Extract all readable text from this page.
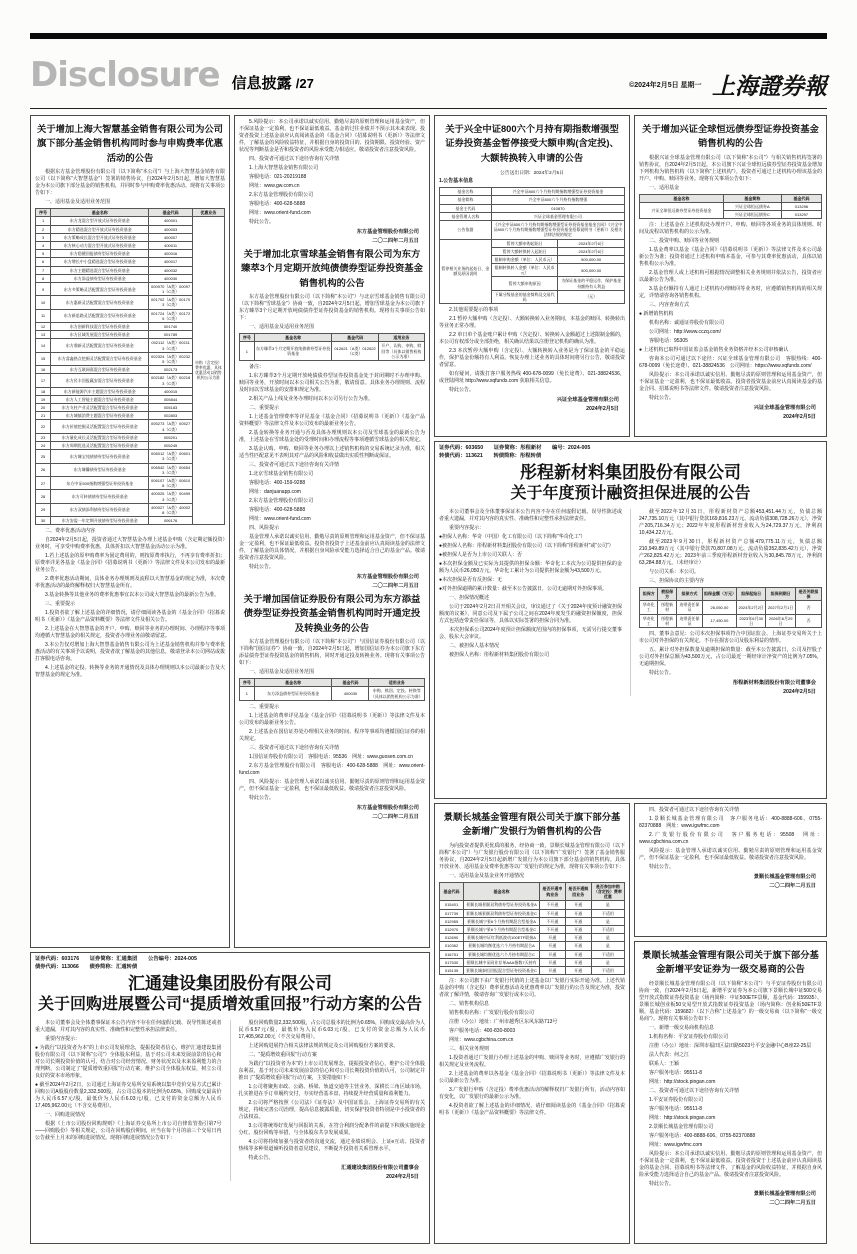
Disclosure 信息披露 /27	©2024年2月5日 星期一 上海證券報
关于增加上海大智慧基金销售有限公司为公司旗下部分基金销售机构同时参与申购费率优惠活动的公告

根据东方基金管理股份有限公司（以下简称“本公司”）与上海大智慧基金销售有限公司（以下简称“大智慧基金”）签署的销售协议，自2024年2月5日起，增加大智慧基金为本公司旗下部分基金的销售机构，并同时参与申购费率优惠活动。现将有关事项公告如下：

一、适用基金及适用业务范围

序号	基金名称	基金代码	优惠业务
1	东方龙混合型开放式证券投资基金	400001	申购（含定投）费率优惠，具体优惠活动以销售机构公示为准
2	东方精选混合型开放式证券投资基金	400003	
3	东方策略成长混合型开放式证券投资基金	400007	
4	东方核心动力混合型开放式证券投资基金	400011	
5	东方稳健回报债券型证券投资基金	400016	
6	东方增长中小盘精选混合型证券投资基金	400017	
7	东方主题精选混合型证券投资基金	400032	
8	东方添益债券型证券投资基金	400030	
9	东方多策略灵活配置混合型证券投资基金	000970（A类）000971（C类）	
10	东方惠新灵活配置混合型证券投资基金	001702（A类）001703（C类）	
11	东方新思路灵活配置混合型证券投资基金	001724（A类）001725（C类）	
12	东方创新科技混合型证券投资基金	001740	
13	东方区域发展混合型证券投资基金	001789	
14	东方鼎新灵活配置混合型证券投资基金	002112（A类）002113（C类）	
15	东方睿鑫热点挖掘灵活配置混合型证券投资基金	002324（A类）002325（C类）	
16	东方互联网嘉混合型证券投资基金	002173	
17	东方民丰回报赢安混合型证券投资基金	002182（A类）002183（C类）	
18	东方新能源汽车主题混合型证券投资基金	400015	
19	东方人工智能主题混合型证券投资基金	005844	
20	东方支柱产业灵活配置混合型证券投资基金	005183	
21	东方城镇消费主题混合型证券投资基金	002803	
22	东方价值挖掘灵活配置混合型证券投资基金	005273（A类）005274（C类）	
23	东方量化成长灵活配置混合型证券投资基金	005201	
24	东方周期优选灵活配置混合型证券投资基金	005245	
25	东方臻宝纯债债券型证券投资基金	006012（A类）006013（C类）	
26	东方臻馨债券型证券投资基金	006542（A类）006543（C类）	
27	东方中证500指数增强型证券投资基金	006107（A类）006108（C类）	
28	东方可转债债券型证券投资基金	400025（A类）004993（C类）	
29	东方双债添利债券型证券投资基金	400027（A类）400028（C类）	
30	东方安盈一年定期开放债券型证券投资基金	006176	

二、费率优惠活动内容

自2024年2月5日起，投资者通过大智慧基金办理上述基金申购（含定期定额投资）业务时，可享受申购费率优惠，具体折扣以大智慧基金活动公示为准。

1.若上述基金的原申购费率为固定费用的，则按原费率执行，不再享有费率折扣；原费率详见各基金《基金合同》《招募说明书（更新）》等法律文件及本公司发布的最新业务公告。

2.费率优惠活动期间，具体业务办理规则及流程以大智慧基金的规定为准，本次费率优惠活动的最终解释权归大智慧基金所有。

3.基金转换等其他业务的费率优惠事宜以本公司或大智慧基金的最新公告为准。

三、重要提示

1.投资者欲了解上述基金的详细情况，请仔细阅读各基金的《基金合同》《招募说明书（更新）》《基金产品资料概要》等法律文件及相关公告。

2.上述基金在大智慧基金的开户、申购、赎回等业务的办理时间、办理程序等事项均遵循大智慧基金的相关规定，投资者办理业务前敬请留意。

3.本公告仅对增加上海大智慧基金销售有限公司为上述基金销售机构并参与费率优惠活动的有关事项予以说明，投资者欲了解基金的其他信息，敬请登录本公司网站或拨打客服电话咨询。

4.上述基金的定投、转换等业务的开通情况及具体办理规则以本公司最新公告及大智慧基金的规定为准。

5.风险提示：本公司承诺以诚实信用、勤勉尽责的原则管理和运用基金资产，但不保证基金一定盈利，也不保证最低收益。基金的过往业绩并不预示其未来表现。投资者投资上述基金前应认真阅读基金的《基金合同》《招募说明书（更新）》等法律文件，了解基金的风险收益特征，并根据自身的投资目的、投资期限、投资经验、资产状况等判断基金是否和投资者的风险承受能力相适应。敬请投资者注意投资风险。

四、投资者可通过以下途径咨询有关详情

1.上海大智慧基金销售有限公司

客服电话：021-20219188

网址：www.gw.com.cn

2.东方基金管理股份有限公司

客服电话：400-628-5888

网址：www.orient-fund.com

特此公告。

东方基金管理股份有限公司
二〇二四年二月五日
关于增加北京雪球基金销售有限公司为东方臻萃3个月定期开放纯债债券型证券投资基金销售机构的公告

东方基金管理股份有限公司（以下简称“本公司”）与北京雪球基金销售有限公司（以下简称“雪球基金”）协商一致，自2024年2月5日起，增加雪球基金为本公司旗下东方臻萃3个月定期开放纯债债券型证券投资基金的销售机构。现将有关事项公告如下：

一、适用基金及适用业务范围

序号	基金名称	基金代码	适用业务
1	东方臻萃3个月定期开放纯债债券型证券投资基金	012621（A类）012622（C类）	开户、认购、申购、赎回等（具体以销售机构公示为准）

备注：

1.东方臻萃3个月定期开放纯债债券型证券投资基金处于封闭期时不办理申购、赎回等业务，开放时间以本公司相关公告为准，敬请留意。具体业务办理规则、流程及时间以雪球基金的安排和规定为准。

2.相关产品上线及业务办理时间以本公司另行公告为准。

二、重要提示

1.上述基金管理费率等详见基金《基金合同》《招募说明书（更新）》《基金产品资料概要》等法律文件及本公司发布的最新业务公告。

2.基金转换等业务开通与否及具体办理规则以本公司及雪球基金的最新公告为准，上述基金在雪球基金处的受理时间和办理流程等事项遵循雪球基金的相关规定。

3.基金认购、申购、赎回等业务办理以上述销售机构的交易系统记录为准，相关适当性匹配意见不表明其对产品的风险和收益做出实质性判断或保证。

三、投资者可通过以下途径咨询有关详情

1.北京雪球基金销售有限公司

客服电话：400-159-9288

网址：danjuanapp.com

2.东方基金管理股份有限公司

客服电话：400-628-5888

网址：www.orient-fund.com

四、风险提示

基金管理人承诺以诚实信用、勤勉尽责的原则管理和运用基金资产，但不保证基金一定盈利，也不保证最低收益。投资者投资于上述基金前应认真阅读基金的法律文件，了解基金的具体情况，并根据自身风险承受能力选择适合自己的基金产品。敬请投资者注意投资风险。

特此公告。

东方基金管理股份有限公司
二〇二四年二月五日
关于增加国信证券股份有限公司为东方添益债券型证券投资基金销售机构同时开通定投及转换业务的公告

东方基金管理股份有限公司（以下简称“本公司”）与国信证券股份有限公司（以下简称“国信证券”）协商一致，自2024年2月5日起，增加国信证券为本公司旗下东方添益债券型证券投资基金的销售机构，同时开通定投及转换业务。现将有关事项公告如下：

一、适用基金及适用业务范围

序号	基金名称	基金代码	适用业务
1	东方添益债券型证券投资基金	400030	申购、赎回、定投、转换等（具体以销售机构公示为准）

二、重要提示

1.上述基金的费率详见基金《基金合同》《招募说明书（更新）》等法律文件及本公司发布的最新业务公告。

2.上述基金在国信证券处办理相关业务的时间、程序等事项均遵循国信证券的相关规定。

三、投资者可通过以下途径咨询有关详情

1.国信证券股份有限公司　客服电话：95536　网址：www.guosen.com.cn

2.东方基金管理股份有限公司　客服电话：400-628-5888　网址：www.orient-fund.com

四、风险提示：基金管理人承诺以诚实信用、勤勉尽责的原则管理和运用基金资产，但不保证基金一定盈利，也不保证最低收益。敬请投资者注意投资风险。

特此公告。

东方基金管理股份有限公司
二〇二四年二月五日
关于兴全中证800六个月持有期指数增强型证券投资基金暂停接受大额申购(含定投)、大额转换转入申请的公告
公告送出日期：2024年2月5日
1.公告基本信息
基金名称	兴全中证800六个月持有期指数增强型证券投资基金	
基金简称	兴全中证800六个月持有指数增强	
基金主代码	010870	
基金管理人名称	兴证全球基金管理有限公司	
公告依据	《兴全中证800六个月持有期指数增强型证券投资基金基金合同》《兴全中证800六个月持有期指数增强型证券投资基金招募说明书（更新）》及相关法律法规的规定	
暂停相关业务的起始日、金额及原因说明	暂停大额申购起始日	2024年2月6日
	暂停大额转换转入起始日	2024年2月6日
	限制申购金额（单位：人民币元）	500,000.00
	限制转换转入金额（单位：人民币元）	500,000.00
	暂停大额申购原因	为保证基金的平稳运作，保护基金份额持有人利益
	下属分级基金的基金简称及交易代码	（无）

2.其他需要提示的事项

2.1 暂停大额申购（含定投）、大额转换转入业务期间，本基金的赎回、转换转出等业务正常办理。

2.2 单日单个基金账户累计申购（含定投）、转换转入金额超过上述限制金额的，本公司有权部分或全部拒绝，相关确认结果以注册登记机构的确认为准。

2.3 本次暂停大额申购（含定投）、大额转换转入业务是为了保证基金的平稳运作，保护基金份额持有人利益。恢复办理上述业务的具体时间将另行公告，敬请投资者留意。

如有疑问，请拨打客户服务热线 400-678-0099（免长途费）、021-38824536，或登陆网址 http://www.xqfunds.com 获取相关信息。

特此公告。

兴证全球基金管理有限公司
2024年2月5日
关于增加兴证全球恒远债券型证券投资基金销售机构的公告

根据兴证全球基金管理有限公司（以下简称“本公司”）与相关销售机构签署的销售协议，自2024年2月5日起，本公司旗下兴证全球恒远债券型证券投资基金增加下列机构为销售机构（以下简称“上述机构”），投资者可通过上述机构办理该基金的开户、申购、赎回等业务。现将有关事项公告如下：

一、适用基金

基金名称	基金简称	基金代码
兴证全球恒远债券型证券投资基金	兴证全球恒远债券A	013296
	兴证全球恒远债券C	013297

注：上述基金在上述机构处办理开户、申购、赎回等各项业务的具体规则、时间及流程以销售机构的公示为准。

二、投资申购、赎回等业务规则

1.基金费率以基金《基金合同》《招募说明书（更新）》等法律文件及本公司最新公告为准；投资者通过上述机构申购本基金，可参与其费率优惠活动，具体以销售机构公示为准。

2.基金管理人或上述机构可根据情况调整相关业务规则并依法公告，投资者应以最新公告为准。

3.基金份额持有人通过上述机构办理赎回等业务时，应遵循销售机构的相关规定，详情请咨询各销售机构。

三、内容查询方式

● 新增销售机构

机构名称：诚通证券股份有限公司

公司网址：http://www.cczq.com/

客服电话：95305

● 上述机构已取得中国证监会基金销售业务资格并经本公司审核确认

咨询本公司可通过以下途径：兴证全球基金管理有限公司　客服热线：400-678-0099（免长途费）、021-38824536　公司网址：https://www.xqfunds.com/

风险提示：本公司承诺以诚实信用、勤勉尽责的原则管理和运用基金资产，但不保证基金一定盈利，也不保证最低收益。投资者投资基金前应认真阅读基金的基金合同、招募说明书等法律文件。敬请投资者注意投资风险。

特此公告。

兴证全球基金管理有限公司
2024年2月5日
证券代码：603650　　证券简称：彤程新材　　编号：2024-005
转债代码：113621　　转债简称：彤程转债
彤程新材料集团股份有限公司
关于年度预计融资担保进展的公告

本公司董事会及全体董事保证本公告内容不存在任何虚假记载、误导性陈述或者重大遗漏，并对其内容的真实性、准确性和完整性承担法律责任。

重要内容提示：

●担保人名称：华奇（中国）化工有限公司（以下简称“华奇化工”）

●被担保人名称：彤程新材料集团股份有限公司（以下简称“彤程新材”或“公司”）

●被担保人是否为上市公司关联人：否

●本次担保金额及已实际为其提供的担保余额：华奇化工本次为公司提供担保的金额为人民币26,050万元，华奇化工累计为公司提供担保金额为43,500万元。

●本次担保是否有反担保：无

●对外担保逾期的累计数量：截至本公告披露日，公司无逾期对外担保事项。

一、担保情况概述

公司于2024年2月2日召开相关会议，审议通过了《关于2024年度预计融资担保额度的议案》，同意公司及下属子公司之间在2024年度发生的融资担保额度，担保方式包括连带责任保证等，具体以实际签署的担保合同为准。

本次担保系公司2024年度预计担保额度范围内的担保事项，无需另行提交董事会、股东大会审议。

二、被担保人基本情况

被担保人名称：彤程新材料集团股份有限公司

截至2022年12月31日，彤程新材资产总额453,451.44万元，负债总额247,735.10万元（其中银行贷款169,816.23万元、流动负债308,728.26万元），净资产205,716.34万元；2022年年度彤程新材营业收入为24,729.37万元，净利润10,434.22万元。

截至2023年9月30日，彤程新材资产总额479,775.11万元，负债总额210,949.89万元（其中银行贷款70,807.08万元、流动负债352,835.42万元），净资产262,825.42万元；2023年前三季度彤程新材营业收入为30,845.78万元，净利润63,284.88万元。（未经审计）

与公司关系：本公司。

三、担保协议的主要内容

担保方	被担保方	担保方式	担保金额（万元）	担保起始日	担保到期日	是否关联担保
华奇化工	彤程新材	连带责任保证	26,050.00	2024年2月2日	2027年2月1日	否
华奇化工	彤程新材	连带责任保证	17,450.00	2023年6月30日	2026年6月29日	否

四、董事会意见：公司本次担保事项符合中国证监会、上海证券交易所关于上市公司对外担保的有关规定，不存在损害公司及股东利益的情形。

五、累计对外担保数量及逾期担保的数量：截至本公告披露日，公司及控股子公司对外担保总额为43,500万元，占公司最近一期经审计净资产的比例为7.05%，无逾期担保。

特此公告。

彤程新材料集团股份有限公司董事会
2024年2月5日
景顺长城基金管理有限公司关于旗下部分基金新增广发银行为销售机构的公告

为向投资者提供更优质的服务，经协商一致，景顺长城基金管理有限公司（以下简称“本公司”）与广发银行股份有限公司（以下简称“广发银行”）签署了基金销售服务协议，自2024年2月5日起新增广发银行为本公司旗下部分基金的销售机构。具体开放业务、适用基金及费率优惠等以广发银行的规定为准，现将有关事项公告如下：

一、适用基金及基金业务开通情况

基金代码	基金名称	是否开通申购业务	是否开通赎回业务	是否参加申购（含定投）费率优惠
015401	景顺长城景颐双利债券型证券投资基金A	不开通	开通	是
017739	景顺长城景颐双利债券型证券投资基金C	不开通	开通	不适用
012955	景顺长城宁景6个月持有期混合型基金A	不开通	开通	是
012970	景顺长城宁景6个月持有期混合型基金C	不开通	开通	不适用
012690	景顺长城中证红利低波动100ETF联接A	开通	开通	是
010362	景顺长城均衡优选六个月持有期混合A	开通	开通	是
016751	景顺长城均衡优选六个月持有期混合C	开通	开通	不适用
017530	景顺长城中证同业存单AAA指数7天持有	开通	开通	是
015135	景顺长城泰恒回报混合型证券投资基金C	开通	开通	不适用

注：本公司旗下由广发银行代销的上述基金以广发银行实际开通为准。上述代销基金的申购（含定投）费率优惠活动及优惠费率以广发银行的公告及规定为准，投资者欲了解详情，敬请咨询广发银行或本公司。

二、销售机构信息

销售机构名称：广发银行股份有限公司

注册（办公）地址：广州市越秀区东风东路713号

客户服务电话：400-830-8003

网址：www.cgbchina.com.cn

三、相关业务规则

1.投资者通过广发银行办理上述基金的申购、赎回等业务时，应遵循广发银行的相关规定及业务流程。

2.上述基金的费率以各基金《基金合同》《招募说明书（更新）》等法律文件及本公司最新公告为准。

3.广发银行申购（含定投）费率优惠活动的解释权归广发银行所有，活动内容如有变化，以广发银行的最新公示为准。

4.投资者欲了解上述基金的详细情况，请仔细阅读基金的《基金合同》《招募说明书（更新）》《基金产品资料概要》等法律文件。

四、投资者可通过以下途径咨询有关详情

1.景顺长城基金管理有限公司　客户服务电话：400-8888-606、0755-82370888　网址：www.igwfmc.com

2.广发银行股份有限公司　客户服务电话：95508　网址：www.cgbchina.com.cn

风险提示：基金管理人承诺以诚实信用、勤勉尽责的原则管理和运用基金资产，但不保证基金一定盈利，也不保证最低收益。敬请投资者注意投资风险。

特此公告。

景顺长城基金管理有限公司
二〇二四年二月五日
景顺长城基金管理有限公司关于旗下部分基金新增平安证券为一级交易商的公告

经景顺长城基金管理有限公司（以下简称“本公司”）与平安证券股份有限公司协商一致，自2024年2月5日起，新增平安证券为本公司旗下景顺长城中证500交易型开放式指数证券投资基金（场内简称：中证500ETF景顺，基金代码：159935）、景顺长城创业板50交易型开放式指数证券投资基金（场内简称：创业板50ETF景顺，基金代码：159682）（以下合称“上述基金”）的一级交易商（以下简称“一级交易商”）。现将有关事项公告如下：

一、新增一级交易商机构信息

1.机构名称：平安证券股份有限公司

注册（办公）地址：深圳市福田区益田路5023号平安金融中心B座22-25层

法人代表：何之江

联系人：王颖

客户服务电话：95511-8

网址：http://stock.pingan.com

二、投资者可通过以下途径咨询有关详情

1.平安证券股份有限公司

客户服务电话：95511-8

网址：http://stock.pingan.com

2.景顺长城基金管理有限公司

客户服务电话：400-8888-606、0755-82370888

网址：www.igwfmc.com

风险提示：本公司承诺以诚实信用、勤勉尽责的原则管理和运用基金资产，但不保证基金一定盈利，也不保证最低收益。投资者投资于上述基金前应认真阅读基金的基金合同、招募说明书等法律文件，了解基金的风险收益特征，并根据自身风险承受能力选择适合自己的基金产品。敬请投资者注意投资风险。

特此公告。

景顺长城基金管理有限公司
二〇二四年二月五日
证券代码：603176　　证券简称：汇通集团　　公告编号：2024-005
债券代码：113066　　债券简称：汇通转债
汇通建设集团股份有限公司
关于回购进展暨公司“提质增效重回报”行动方案的公告

本公司董事会及全体董事保证本公告内容不存在任何虚假记载、误导性陈述或者重大遗漏，并对其内容的真实性、准确性和完整性承担法律责任。

重要内容提示：

● 为践行“以投资者为本”的上市公司发展理念，提振投资者信心，维护汇通建设集团股份有限公司（以下简称“公司”）全体股东利益，基于对公司未来发展前景的信心和对公司长期投资价值的认可，结合对公司经营情况、财务状况以及未来盈利能力的合理判断，公司制定了“提质增效重回报”行动方案，维护公司全体股东权益，树立公司良好的资本市场形象。

● 截至2024年2月2日，公司通过上海证券交易所交易系统以集中竞价交易方式已累计回购公司A股股份数量2,332,500股，占公司总股本的比例为0.65%，回购成交最高价为人民币6.57元/股，最低价为人民币6.03元/股，已支付的资金总额为人民币17,405,962.00元（不含交易费用）。

一、回购进展情况

根据《上市公司股份回购规则》《上海证券交易所上市公司自律监管指引第7号——回购股份》等相关规定，公司在回购股份期间，应当在每个月的前三个交易日内公告截至上月末的回购进展情况。现将回购进展情况公告如下：

股份回购数量2,332,500股，占公司总股本的比例为0.65%，回购成交最高价为人民币6.57元/股，最低价为人民币6.03元/股，已支付的资金总额为人民币17,405,962.00元（不含交易费用）。

上述回购进展符合相关法律法规的规定及公司回购股份方案的要求。

二、“提质增效重回报”行动方案

为践行“以投资者为本”的上市公司发展理念，提振投资者信心，维护公司全体股东利益，基于对公司未来发展前景的信心和对公司长期投资价值的认可，公司制定并推出了“提质增效重回报”行动方案，主要措施如下：

1.公司将聚焦市政、公路、桥梁、轨道交通等主营业务，深耕长三角区域市场，扎实推进在手订单履约交付，夯实经营基本盘，持续提升经营质量和盈利能力。

2.公司将严格按照《公司法》《证券法》及中国证监会、上海证券交易所的有关规定，持续完善公司治理，提高信息披露质量，切实保护投资者特别是中小投资者的合法权益。

3.公司将统筹好发展与回报的关系，在符合利润分配条件的前提下积极实施现金分红、股份回购等举措，与全体股东共享发展成果。

4.公司将持续加强与投资者的沟通交流，通过业绩说明会、上证e互动、投资者热线等多种渠道倾听投资者意见建议，不断提升投资者关系管理水平。

特此公告。

汇通建设集团股份有限公司董事会
2024年2月5日
